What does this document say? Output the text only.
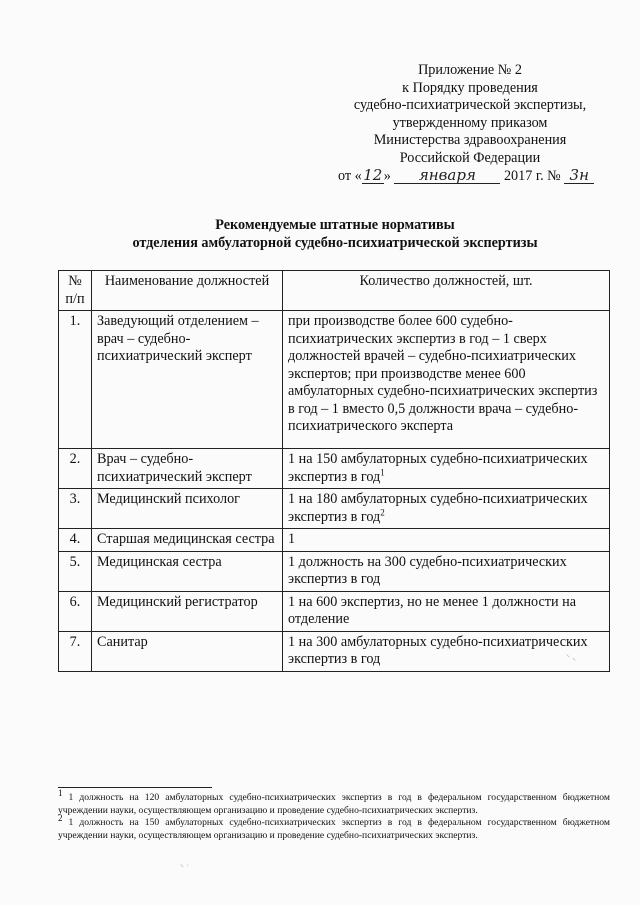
Приложение № 2
к Порядку проведения
судебно-психиатрической экспертизы,
утвержденному приказом
Министерства здравоохранения
Российской Федерации
от «12» января 2017 г. № 3н
Рекомендуемые штатные нормативы
отделения амбулаторной судебно-психиатрической экспертизы
№ п/п	Наименование должностей	Количество должностей, шт.
1.	Заведующий отделением – врач – судебно-психиатрический эксперт	при производстве более 600 судебно-психиатрических экспертиз в год – 1 сверх должностей врачей – судебно-психиатрических экспертов; при производстве менее 600 амбулаторных судебно-психиатрических экспертиз в год – 1 вместо 0,5 должности врача – судебно-психиатрического эксперта
2.	Врач – судебно-психиатрический эксперт	1 на 150 амбулаторных судебно-психиатрических экспертиз в год$^1$
3.	Медицинский психолог	1 на 180 амбулаторных судебно-психиатрических экспертиз в год$^2$
4.	Старшая медицинская сестра	1
5.	Медицинская сестра	1 должность на 300 судебно-психиатрических экспертиз в год
6.	Медицинский регистратор	1 на 600 экспертиз, но не менее 1 должности на отделение
7.	Санитар	1 на 300 амбулаторных судебно-психиатрических экспертиз в год	⸌ ⸜

$^1$ 1 должность на 120 амбулаторных судебно-психиатрических экспертиз в год в федеральном государственном бюджетном учреждении науки, осуществляющем организацию и проведение судебно-психиатрических экспертиз.

$^2$ 1 должность на 150 амбулаторных судебно-психиатрических экспертиз в год в федеральном государственном бюджетном учреждении науки, осуществляющем организацию и проведение судебно-психиатрических экспертиз.

⸌ ˙
